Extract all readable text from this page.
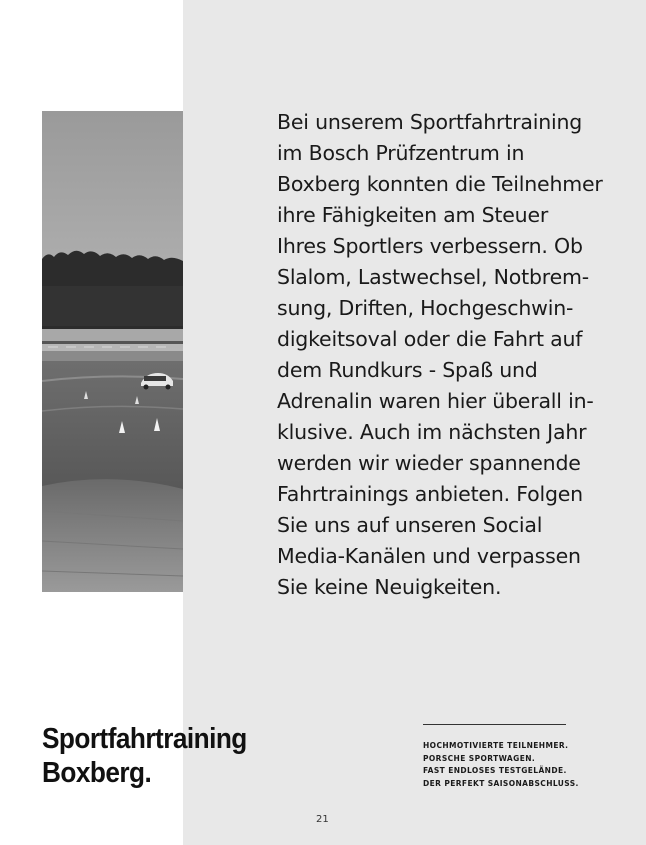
Bei unserem Sportfahrtraining
im Bosch Prüfzentrum in
Boxberg konnten die Teilnehmer
ihre Fähigkeiten am Steuer
Ihres Sportlers verbessern. Ob
Slalom, Lastwechsel, Notbrem-
sung, Driften, Hochgeschwin-
digkeitsoval oder die Fahrt auf
dem Rundkurs - Spaß und
Adrenalin waren hier überall in-
klusive. Auch im nächsten Jahr
werden wir wieder spannende
Fahrtrainings anbieten. Folgen
Sie uns auf unseren Social
Media-Kanälen und verpassen
Sie keine Neuigkeiten.
Sportfahrtraining
Boxberg.
HOCHMOTIVIERTE TEILNEHMER.
PORSCHE SPORTWAGEN.
FAST ENDLOSES TESTGELÄNDE.
DER PERFEKT SAISONABSCHLUSS.
21
